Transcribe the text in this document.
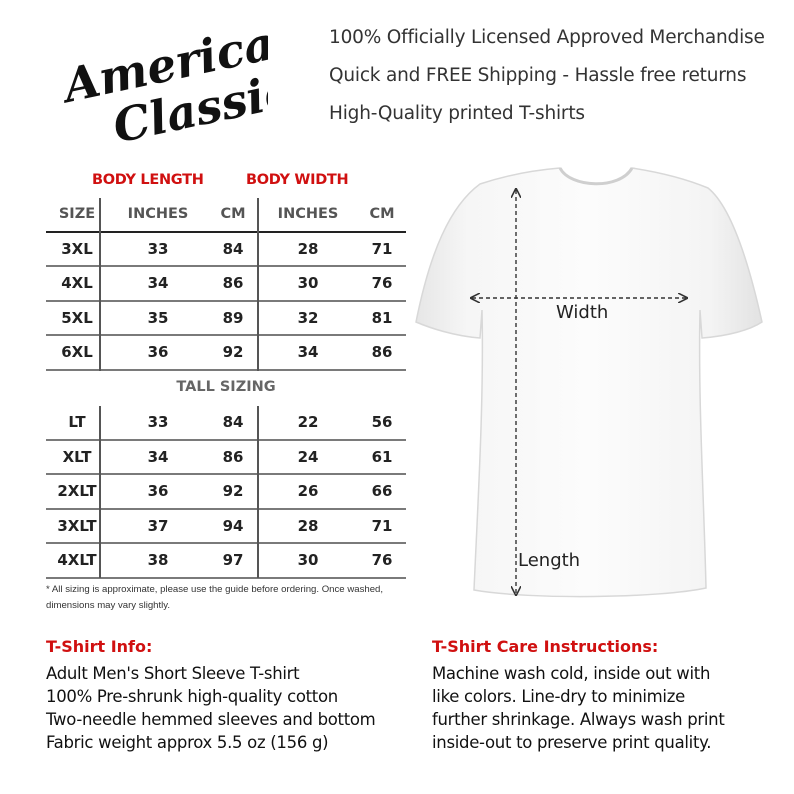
American
Classics
100% Officially Licensed Approved Merchandise
Quick and FREE Shipping - Hassle free returns
High-Quality printed T-shirts
BODY LENGTH	BODY WIDTH
SIZE	INCHES	CM	INCHES	CM
3XL	33	84	28	71
4XL	34	86	30	76
5XL	35	89	32	81
6XL	36	92	34	86
TALL SIZING
LT	33	84	22	56
XLT	34	86	24	61
2XLT	36	92	26	66
3XLT	37	94	28	71
4XLT	38	97	30	76
* All sizing is approximate, please use the guide before ordering. Once washed, dimensions may vary slightly.
Width
Length
T-Shirt Info:
Adult Men's Short Sleeve T-shirt
100% Pre-shrunk high-quality cotton
Two-needle hemmed sleeves and bottom
Fabric weight approx 5.5 oz (156 g)
T-Shirt Care Instructions:
Machine wash cold, inside out with
like colors. Line-dry to minimize
further shrinkage. Always wash print
inside-out to preserve print quality.
